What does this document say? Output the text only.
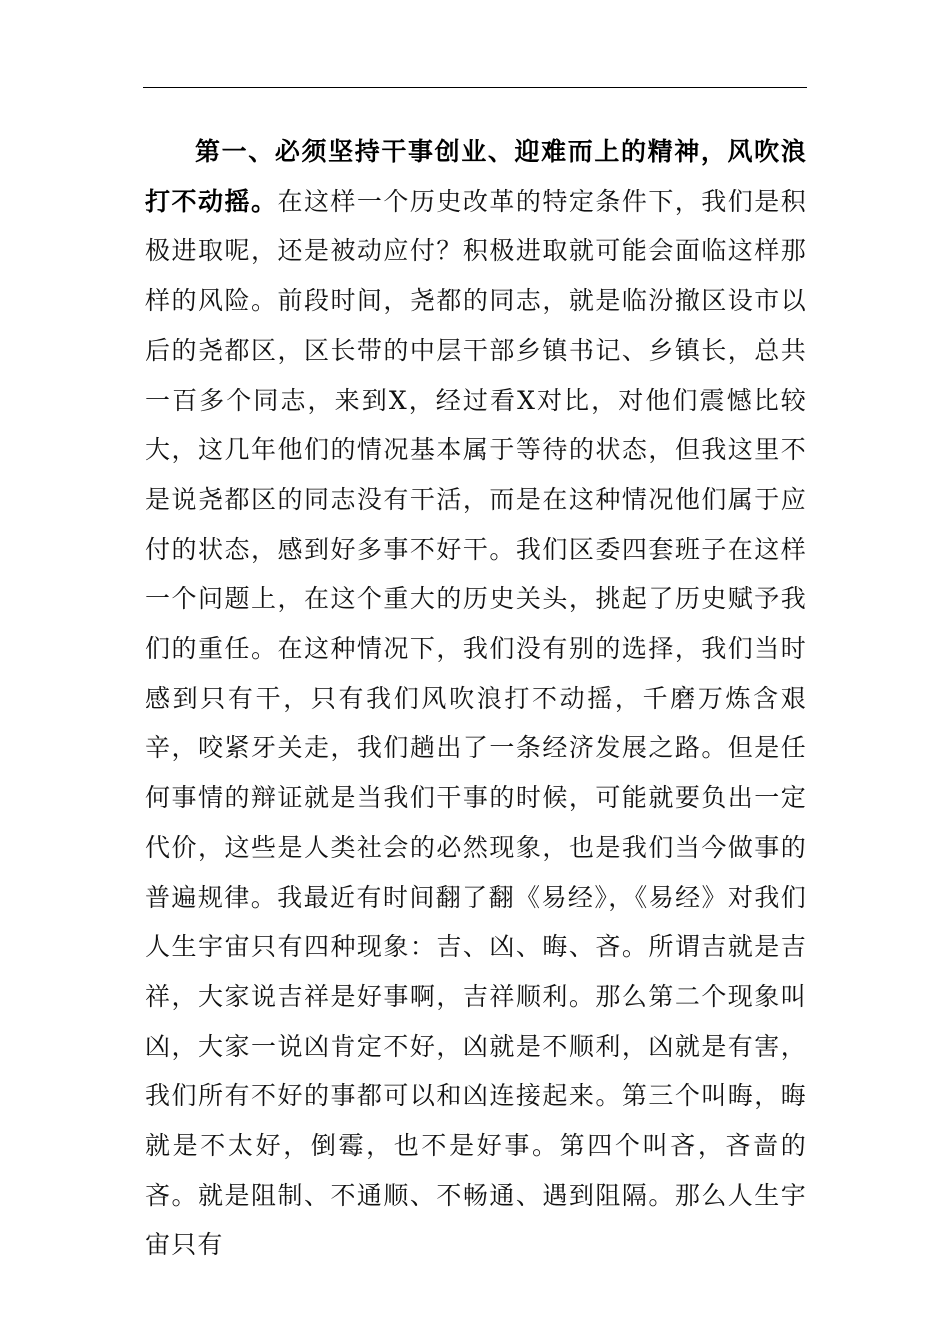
第一、必须坚持干事创业、迎难而上的精神，风吹浪打不动摇。在这样一个历史改革的特定条件下，我们是积极进取呢，还是被动应付？积极进取就可能会面临这样那样的风险。前段时间，尧都的同志，就是临汾撤区设市以后的尧都区，区长带的中层干部乡镇书记、乡镇长，总共一百多个同志，来到X，经过看X对比，对他们震憾比较大，这几年他们的情况基本属于等待的状态，但我这里不是说尧都区的同志没有干活，而是在这种情况他们属于应付的状态，感到好多事不好干。我们区委四套班子在这样一个问题上，在这个重大的历史关头，挑起了历史赋予我们的重任。在这种情况下，我们没有别的选择，我们当时感到只有干，只有我们风吹浪打不动摇，千磨万炼含艰辛，咬紧牙关走，我们趟出了一条经济发展之路。但是任何事情的辩证就是当我们干事的时候，可能就要负出一定代价，这些是人类社会的必然现象，也是我们当今做事的普遍规律。我最近有时间翻了翻《易经》，《易经》对我们人生宇宙只有四种现象：吉、凶、晦、吝。所谓吉就是吉祥，大家说吉祥是好事啊，吉祥顺利。那么第二个现象叫凶，大家一说凶肯定不好，凶就是不顺利，凶就是有害，我们所有不好的事都可以和凶连接起来。第三个叫晦，晦就是不太好，倒霉，也不是好事。第四个叫吝，吝啬的吝。就是阻制、不通顺、不畅通、遇到阻隔。那么人生宇宙只有
